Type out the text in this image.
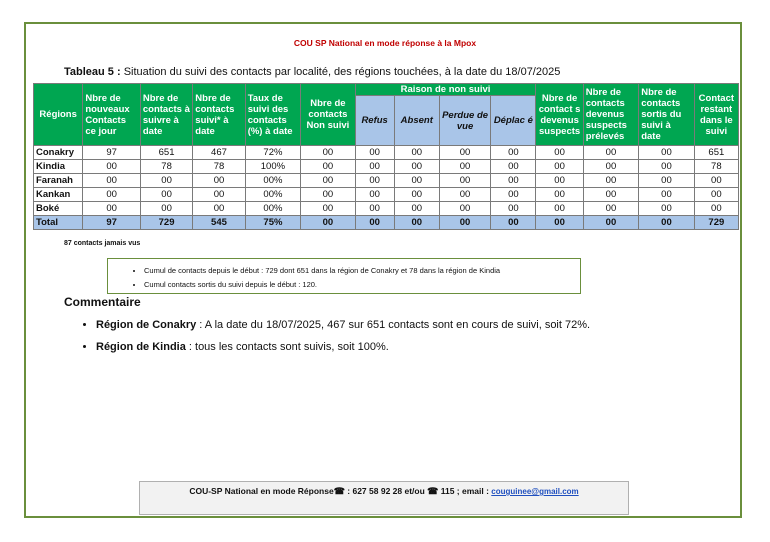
COU SP National en mode réponse à la Mpox
Tableau 5 : Situation du suivi des contacts par localité, des régions touchées, à la date du 18/07/2025
Régions	Nbre de nouveaux Contacts ce jour	Nbre de contacts à suivre à date	Nbre de contacts suivi* à date	Taux de suivi des contacts (%) à date	Nbre de contacts Non suivi	Raison de non suivi				Nbre de contact s devenus suspects	Nbre de contacts devenus suspects prélevés	Nbre de contacts sortis du suivi à date	Contact restant dans le suivi
						Refus	Absent	Perdue de vue	Déplac é				
Conakry	97	651	467	72%	00	00	00	00	00	00	00	00	651
Kindia	00	78	78	100%	00	00	00	00	00	00	00	00	78
Faranah	00	00	00	00%	00	00	00	00	00	00	00	00	00
Kankan	00	00	00	00%	00	00	00	00	00	00	00	00	00
Boké	00	00	00	00%	00	00	00	00	00	00	00	00	00
Total	97	729	545	75%	00	00	00	00	00	00	00	00	729
87 contacts jamais vus
• Cumul de contacts depuis le début : 729 dont 651 dans la région de Conakry et 78 dans la région de Kindia
• Cumul contacts sortis du suivi depuis le début : 120.
Commentaire
• Région de Conakry : A la date du 18/07/2025, 467 sur 651 contacts sont en cours de suivi, soit 72%.
• Région de Kindia : tous les contacts sont suivis, soit 100%.
COU-SP National en mode Réponse☎ : 627 58 92 28 et/ou ☎ 115 ; email : couguinee@gmail.com
